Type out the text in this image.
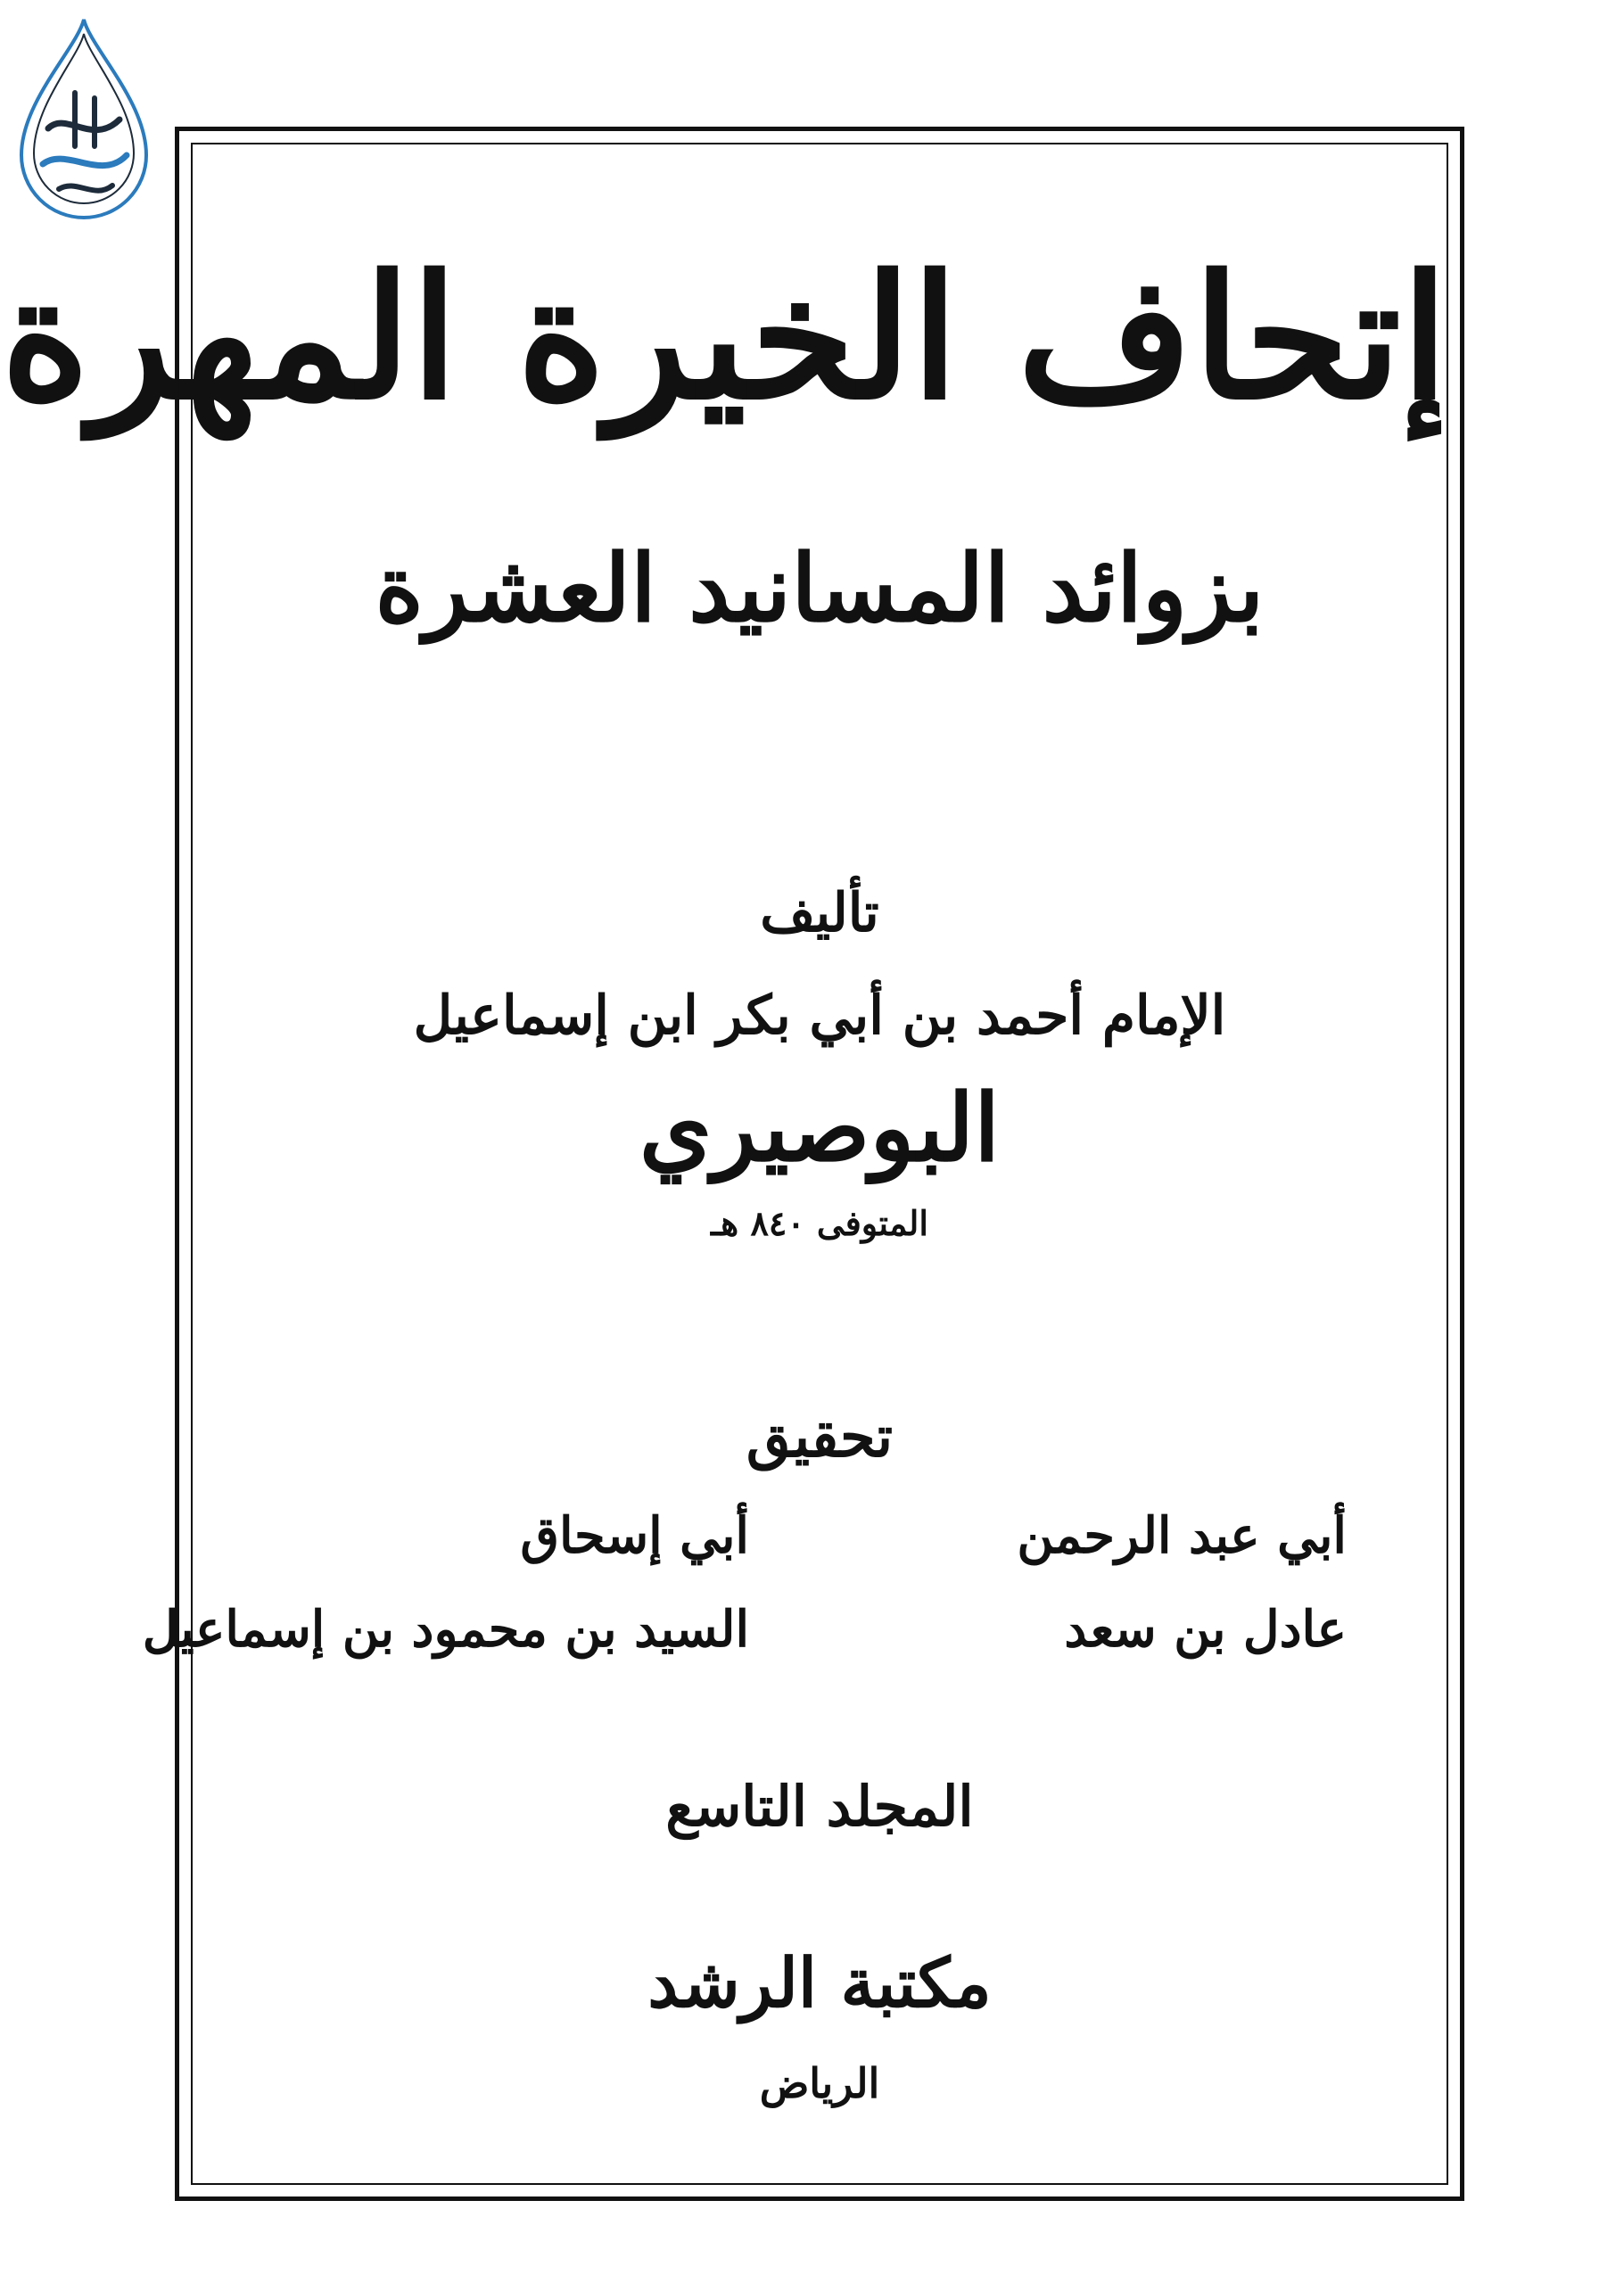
إتحاف الخيرة المهرة
بزوائد المسانيد العشرة
تأليف
الإمام أحمد بن أبي بكر ابن إسماعيل
البوصيري
المتوفى ٨٤٠ هـ
تحقيق
أبي عبد الرحمن
عادل بن سعد
أبي إسحاق
السيد بن محمود بن إسماعيل
المجلد التاسع
مكتبة الرشد
الرياض
